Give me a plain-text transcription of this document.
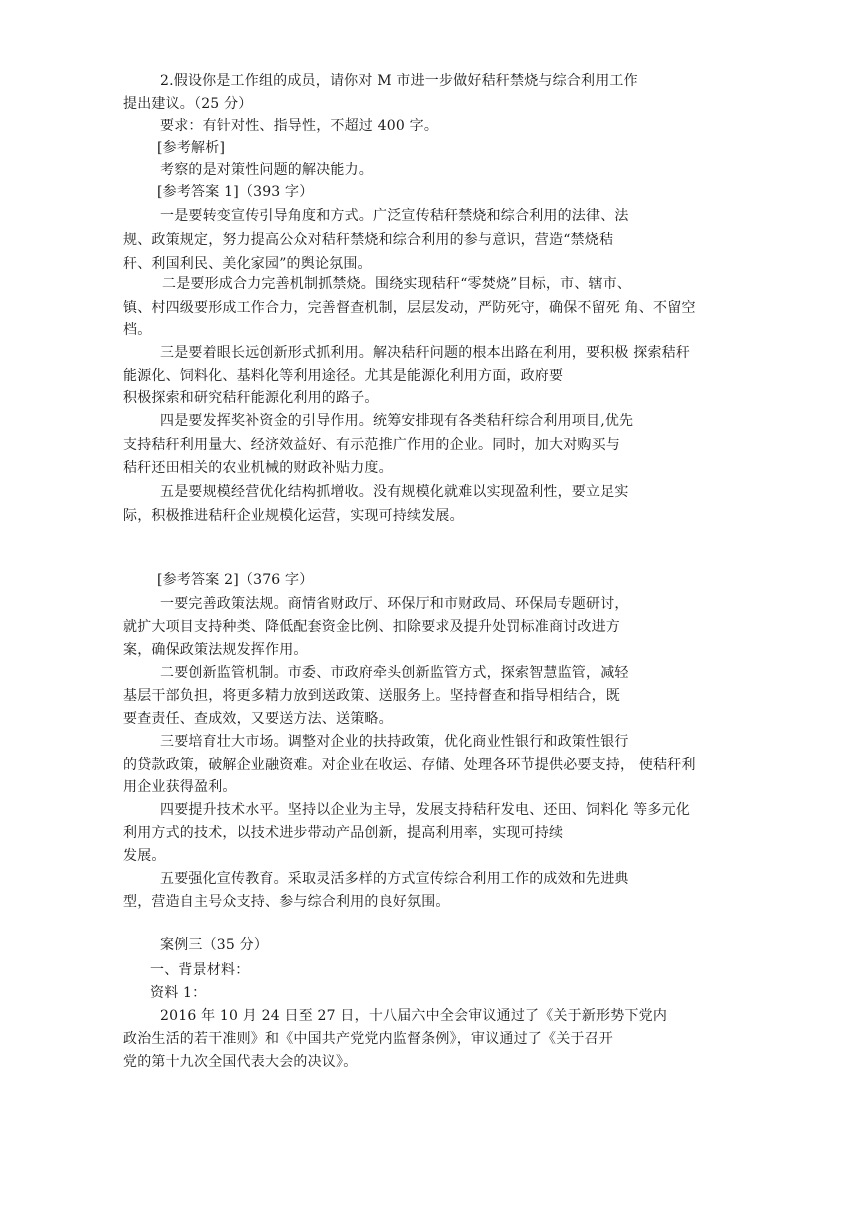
2.假设你是工作组的成员，请你对 M 市进一步做好秸秆禁烧与综合利用工作
提出建议。（25 分）
要求：有针对性、指导性，不超过 400 字。
[参考解析]
考察的是对策性问题的解决能力。
[参考答案 1]（393 字）
一是要转变宣传引导角度和方式。广泛宣传秸秆禁烧和综合利用的法律、法
规、政策规定，努力提高公众对秸秆禁烧和综合利用的参与意识，营造“禁烧秸
秆、利国利民、美化家园”的舆论氛围。
二是要形成合力完善机制抓禁烧。围绕实现秸秆“零焚烧”目标，市、辖市、
镇、村四级要形成工作合力，完善督查机制，层层发动，严防死守，确保不留死 角、不留空
档。
三是要着眼长远创新形式抓利用。解决秸秆问题的根本出路在利用，要积极 探索秸秆
能源化、饲料化、基料化等利用途径。尤其是能源化利用方面，政府要
积极探索和研究秸秆能源化利用的路子。
四是要发挥奖补资金的引导作用。统筹安排现有各类秸秆综合利用项目,优先
支持秸秆利用量大、经济效益好、有示范推广作用的企业。同时，加大对购买与
秸秆还田相关的农业机械的财政补贴力度。
五是要规模经营优化结构抓增收。没有规模化就难以实现盈利性，要立足实
际，积极推进秸秆企业规模化运营，实现可持续发展。
[参考答案 2]（376 字）
一要完善政策法规。商情省财政厅、环保厅和市财政局、环保局专题研讨，
就扩大项目支持种类、降低配套资金比例、扣除要求及提升处罚标准商讨改进方
案，确保政策法规发挥作用。
二要创新监管机制。市委、市政府牵头创新监管方式，探索智慧监管，减轻
基层干部负担，将更多精力放到送政策、送服务上。坚持督查和指导相结合，既
要查责任、查成效，又要送方法、送策略。
三要培育壮大市场。调整对企业的扶持政策，优化商业性银行和政策性银行
的贷款政策，破解企业融资难。对企业在收运、存储、处理各环节提供必要支持， 使秸秆利
用企业获得盈利。
四要提升技术水平。坚持以企业为主导，发展支持秸秆发电、还田、饲料化 等多元化
利用方式的技术，以技术进步带动产品创新，提高利用率，实现可持续
发展。
五要强化宣传教育。采取灵活多样的方式宣传综合利用工作的成效和先进典
型，营造自主号众支持、参与综合利用的良好氛围。
案例三（35 分）
一、背景材料：
资料 1：
2016 年 10 月 24 日至 27 日，十八届六中全会审议通过了《关于新形势下党内
政治生活的若干准则》和《中国共产党党内监督条例》，审议通过了《关于召开
党的第十九次全国代表大会的决议》。
